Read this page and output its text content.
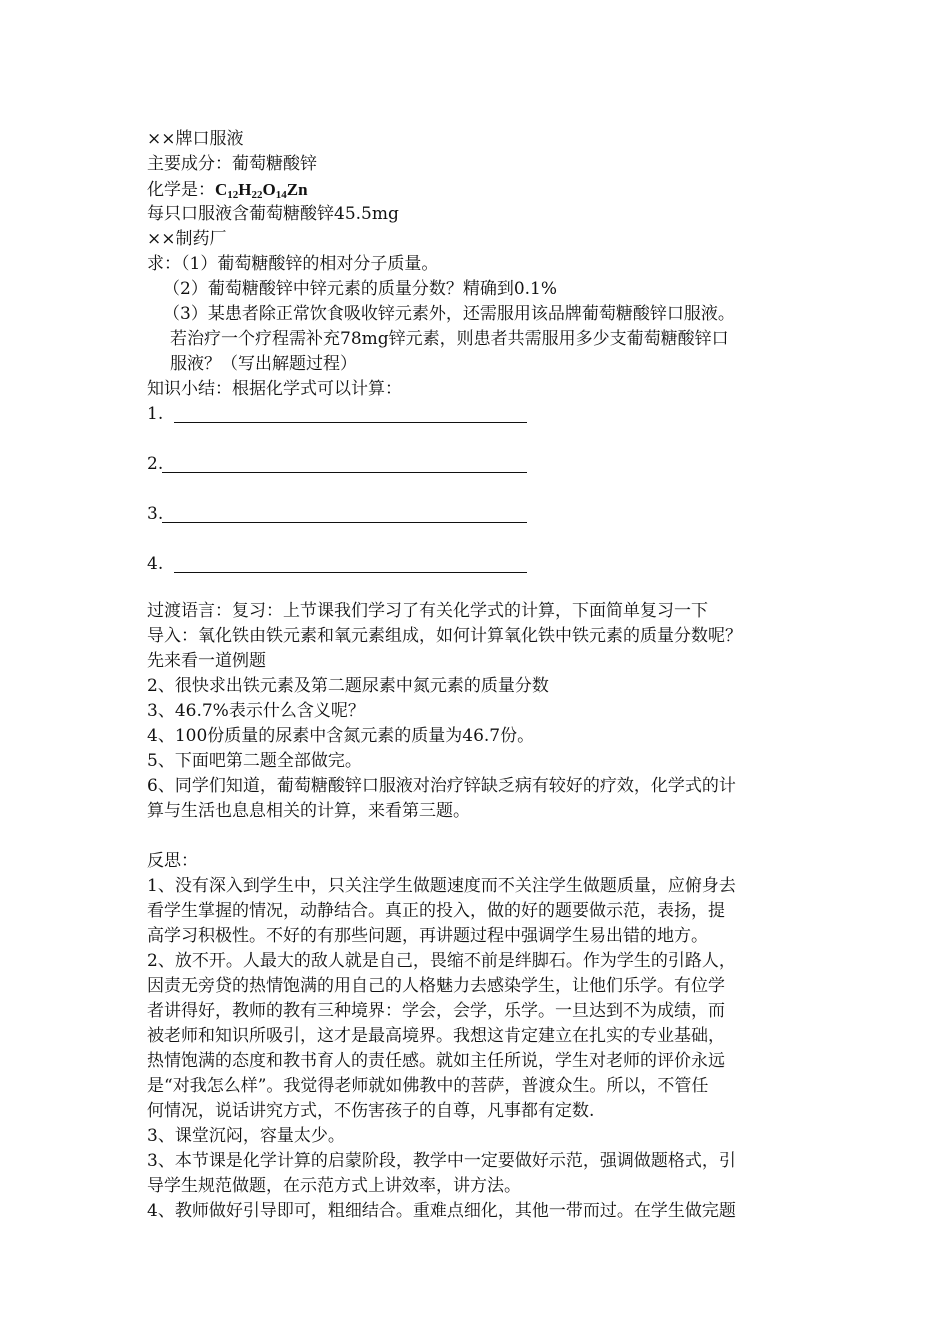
××牌口服液
主要成分：葡萄糖酸锌
化学是：$C_{12}H_{22}O_{14}Zn$
每只口服液含葡萄糖酸锌45.5mg
××制药厂
求：（1）葡萄糖酸锌的相对分子质量。
（2）葡萄糖酸锌中锌元素的质量分数？精确到0.1%
（3）某患者除正常饮食吸收锌元素外，还需服用该品牌葡萄糖酸锌口服液。
若治疗一个疗程需补充78mg锌元素，则患者共需服用多少支葡萄糖酸锌口
服液？（写出解题过程）
知识小结：根据化学式可以计算：
1.
2.
3.
4.
过渡语言：复习：上节课我们学习了有关化学式的计算，下面简单复习一下
导入：氧化铁由铁元素和氧元素组成，如何计算氧化铁中铁元素的质量分数呢？
先来看一道例题
2、很快求出铁元素及第二题尿素中氮元素的质量分数
3、46.7%表示什么含义呢？
4、100份质量的尿素中含氮元素的质量为46.7份。
5、下面吧第二题全部做完。
6、同学们知道，葡萄糖酸锌口服液对治疗锌缺乏病有较好的疗效，化学式的计
算与生活也息息相关的计算，来看第三题。
反思：
1、没有深入到学生中，只关注学生做题速度而不关注学生做题质量，应俯身去
看学生掌握的情况，动静结合。真正的投入，做的好的题要做示范，表扬，提
高学习积极性。不好的有那些问题，再讲题过程中强调学生易出错的地方。
2、放不开。人最大的敌人就是自己，畏缩不前是绊脚石。作为学生的引路人，
因责无旁贷的热情饱满的用自己的人格魅力去感染学生，让他们乐学。有位学
者讲得好，教师的教有三种境界：学会，会学，乐学。一旦达到不为成绩，而
被老师和知识所吸引，这才是最高境界。我想这肯定建立在扎实的专业基础，
热情饱满的态度和教书育人的责任感。就如主任所说，学生对老师的评价永远
是“对我怎么样”。我觉得老师就如佛教中的菩萨，普渡众生。所以，不管任
何情况，说话讲究方式，不伤害孩子的自尊，凡事都有定数.
3、课堂沉闷，容量太少。
3、本节课是化学计算的启蒙阶段，教学中一定要做好示范，强调做题格式，引
导学生规范做题，在示范方式上讲效率，讲方法。
4、教师做好引导即可，粗细结合。重难点细化，其他一带而过。在学生做完题
